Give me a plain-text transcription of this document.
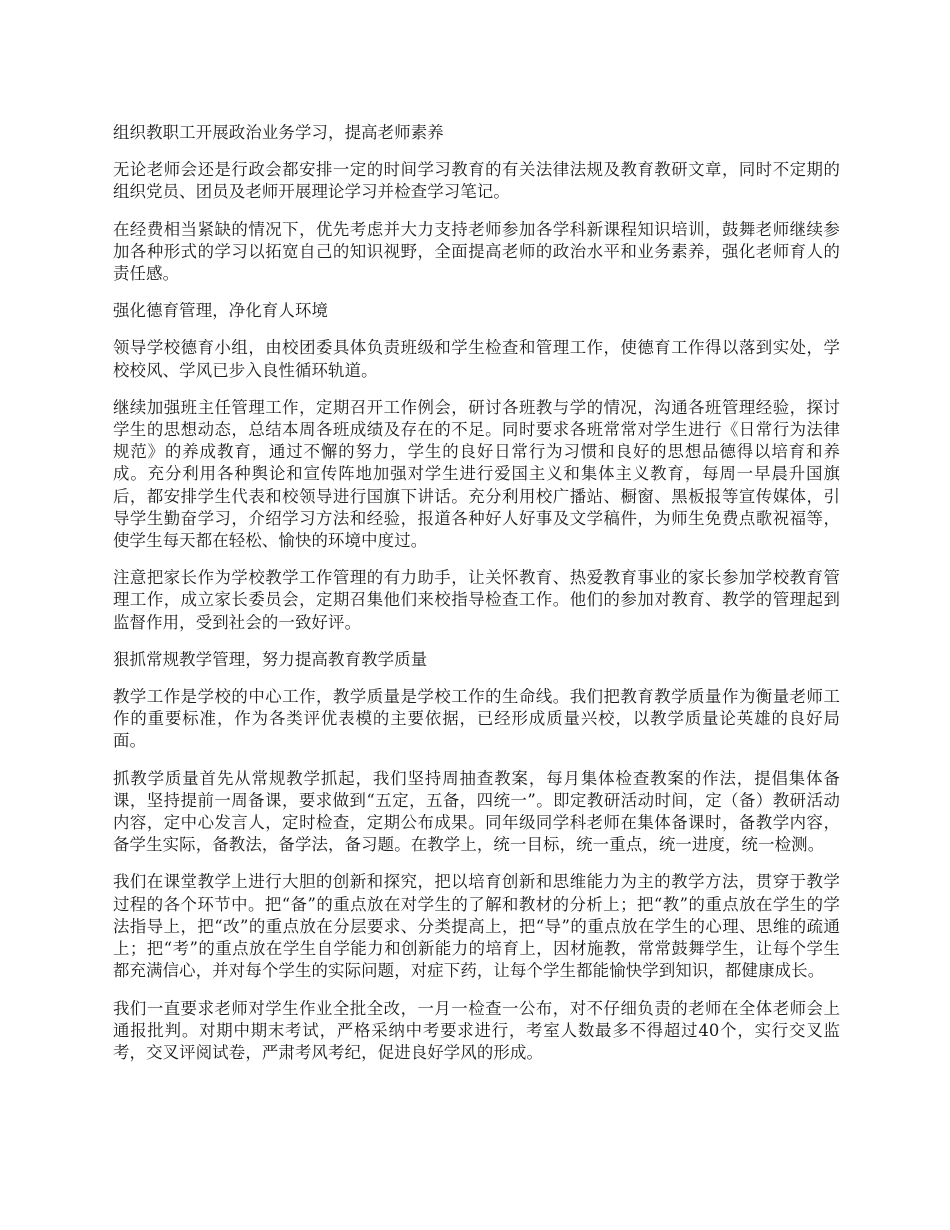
组织教职工开展政治业务学习，提高老师素养

无论老师会还是行政会都安排一定的时间学习教育的有关法律法规及教育教研文章，同时不定期的组织党员、团员及老师开展理论学习并检查学习笔记。

在经费相当紧缺的情况下，优先考虑并大力支持老师参加各学科新课程知识培训，鼓舞老师继续参加各种形式的学习以拓宽自己的知识视野，全面提高老师的政治水平和业务素养，强化老师育人的责任感。

强化德育管理，净化育人环境

领导学校德育小组，由校团委具体负责班级和学生检查和管理工作，使德育工作得以落到实处，学校校风、学风已步入良性循环轨道。

继续加强班主任管理工作，定期召开工作例会，研讨各班教与学的情况，沟通各班管理经验，探讨学生的思想动态，总结本周各班成绩及存在的不足。同时要求各班常常对学生进行《日常行为法律规范》的养成教育，通过不懈的努力，学生的良好日常行为习惯和良好的思想品德得以培育和养成。充分利用各种舆论和宣传阵地加强对学生进行爱国主义和集体主义教育，每周一早晨升国旗后，都安排学生代表和校领导进行国旗下讲话。充分利用校广播站、橱窗、黑板报等宣传媒体，引导学生勤奋学习，介绍学习方法和经验，报道各种好人好事及文学稿件，为师生免费点歌祝福等，使学生每天都在轻松、愉快的环境中度过。

注意把家长作为学校教学工作管理的有力助手，让关怀教育、热爱教育事业的家长参加学校教育管理工作，成立家长委员会，定期召集他们来校指导检查工作。他们的参加对教育、教学的管理起到监督作用，受到社会的一致好评。

狠抓常规教学管理，努力提高教育教学质量

教学工作是学校的中心工作，教学质量是学校工作的生命线。我们把教育教学质量作为衡量老师工作的重要标准，作为各类评优表模的主要依据，已经形成质量兴校，以教学质量论英雄的良好局面。

抓教学质量首先从常规教学抓起，我们坚持周抽查教案，每月集体检查教案的作法，提倡集体备课，坚持提前一周备课，要求做到“五定，五备，四统一”。即定教研活动时间，定（备）教研活动内容，定中心发言人，定时检查，定期公布成果。同年级同学科老师在集体备课时，备教学内容，备学生实际，备教法，备学法，备习题。在教学上，统一目标，统一重点，统一进度，统一检测。

我们在课堂教学上进行大胆的创新和探究，把以培育创新和思维能力为主的教学方法，贯穿于教学过程的各个环节中。把“备”的重点放在对学生的了解和教材的分析上；把“教”的重点放在学生的学法指导上，把“改”的重点放在分层要求、分类提高上，把“导”的重点放在学生的心理、思维的疏通上；把“考”的重点放在学生自学能力和创新能力的培育上，因材施教，常常鼓舞学生，让每个学生都充满信心，并对每个学生的实际问题，对症下药，让每个学生都能愉快学到知识，都健康成长。

我们一直要求老师对学生作业全批全改，一月一检查一公布，对不仔细负责的老师在全体老师会上通报批判。对期中期末考试，严格采纳中考要求进行，考室人数最多不得超过40个，实行交叉监考，交叉评阅试卷，严肃考风考纪，促进良好学风的形成。
